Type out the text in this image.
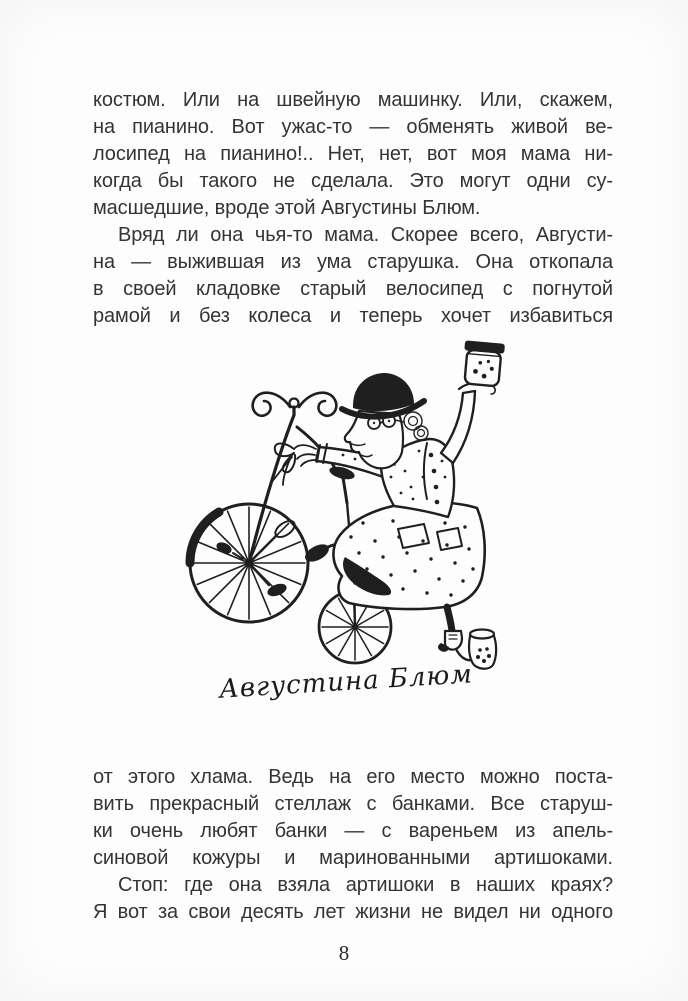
костюм. Или на швейную машинку. Или, скажем,
на пианино. Вот ужас-то — обменять живой ве-
лосипед на пианино!.. Нет, нет, вот моя мама ни-
когда бы такого не сделала. Это могут одни су-
масшедшие, вроде этой Августины Блюм.
Вряд ли она чья-то мама. Скорее всего, Августи-
на — выжившая из ума старушка. Она откопала
в своей кладовке старый велосипед с погнутой
рамой и без колеса и теперь хочет избавиться
Августина Блюм
от этого хлама. Ведь на его место можно поста-
вить прекрасный стеллаж с банками. Все старуш-
ки очень любят банки — с вареньем из апель-
синовой кожуры и маринованными артишоками.
Стоп: где она взяла артишоки в наших краях?
Я вот за свои десять лет жизни не видел ни одного
8
